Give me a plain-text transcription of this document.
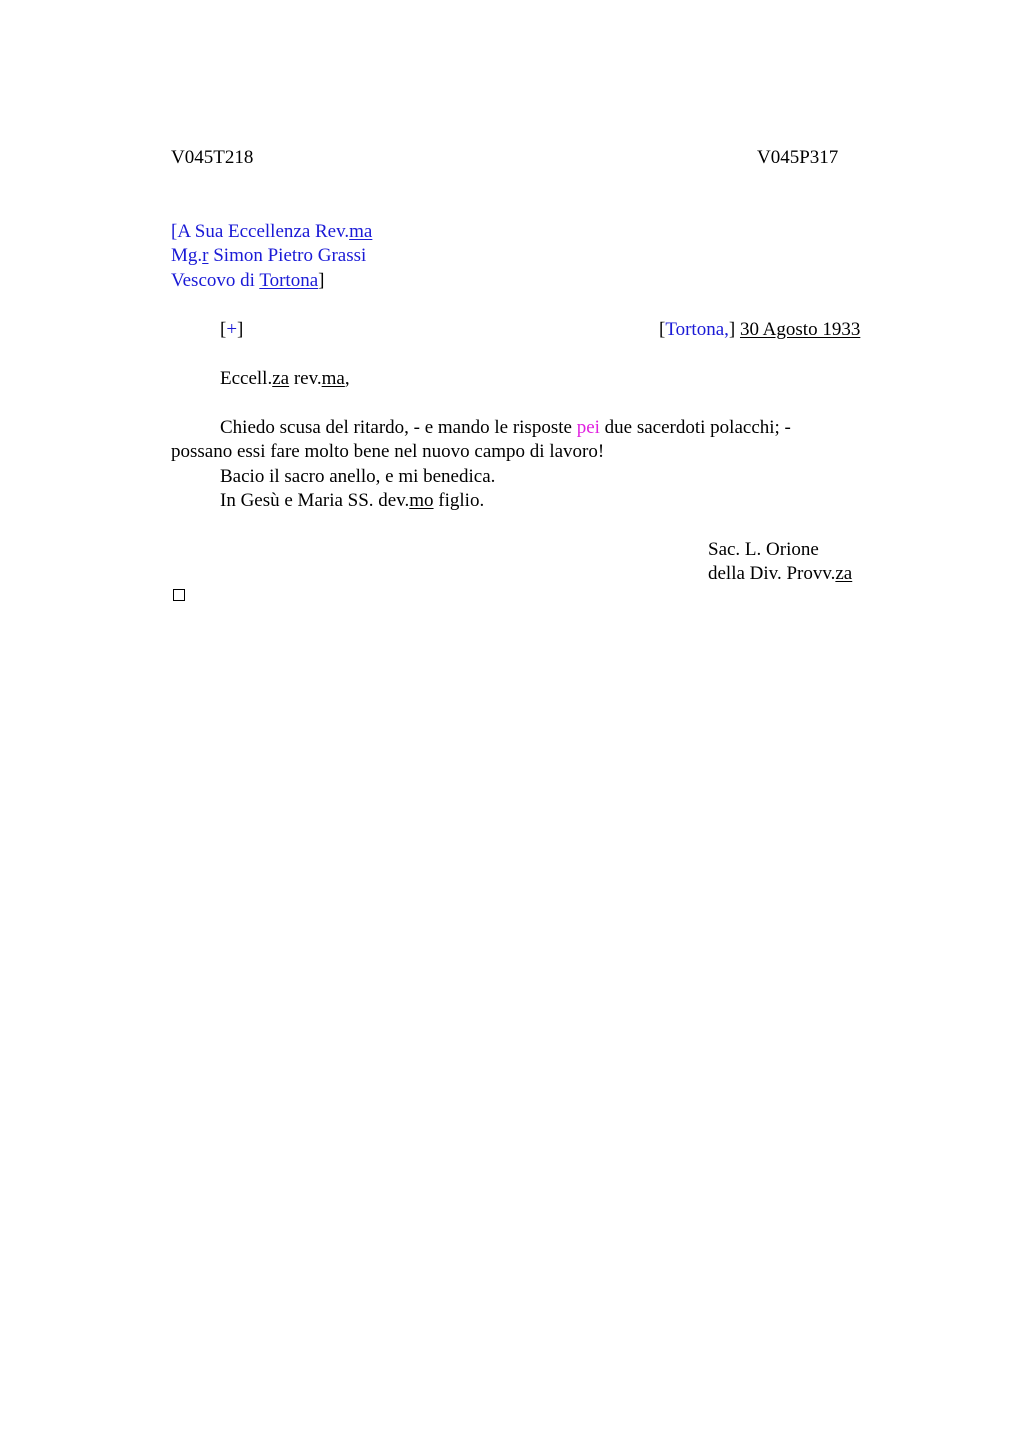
V045T218	V045P317
[A Sua Eccellenza Rev.ma
Mg.r Simon Pietro Grassi
Vescovo di Tortona]
[+]	[Tortona,] 30 Agosto 1933
Eccell.za rev.ma,
Chiedo scusa del ritardo, - e mando le risposte pei due sacerdoti polacchi; -
possano essi fare molto bene nel nuovo campo di lavoro!
Bacio il sacro anello, e mi benedica.
In Gesù e Maria SS. dev.mo figlio.
Sac. L. Orione
della Div. Provv.za
